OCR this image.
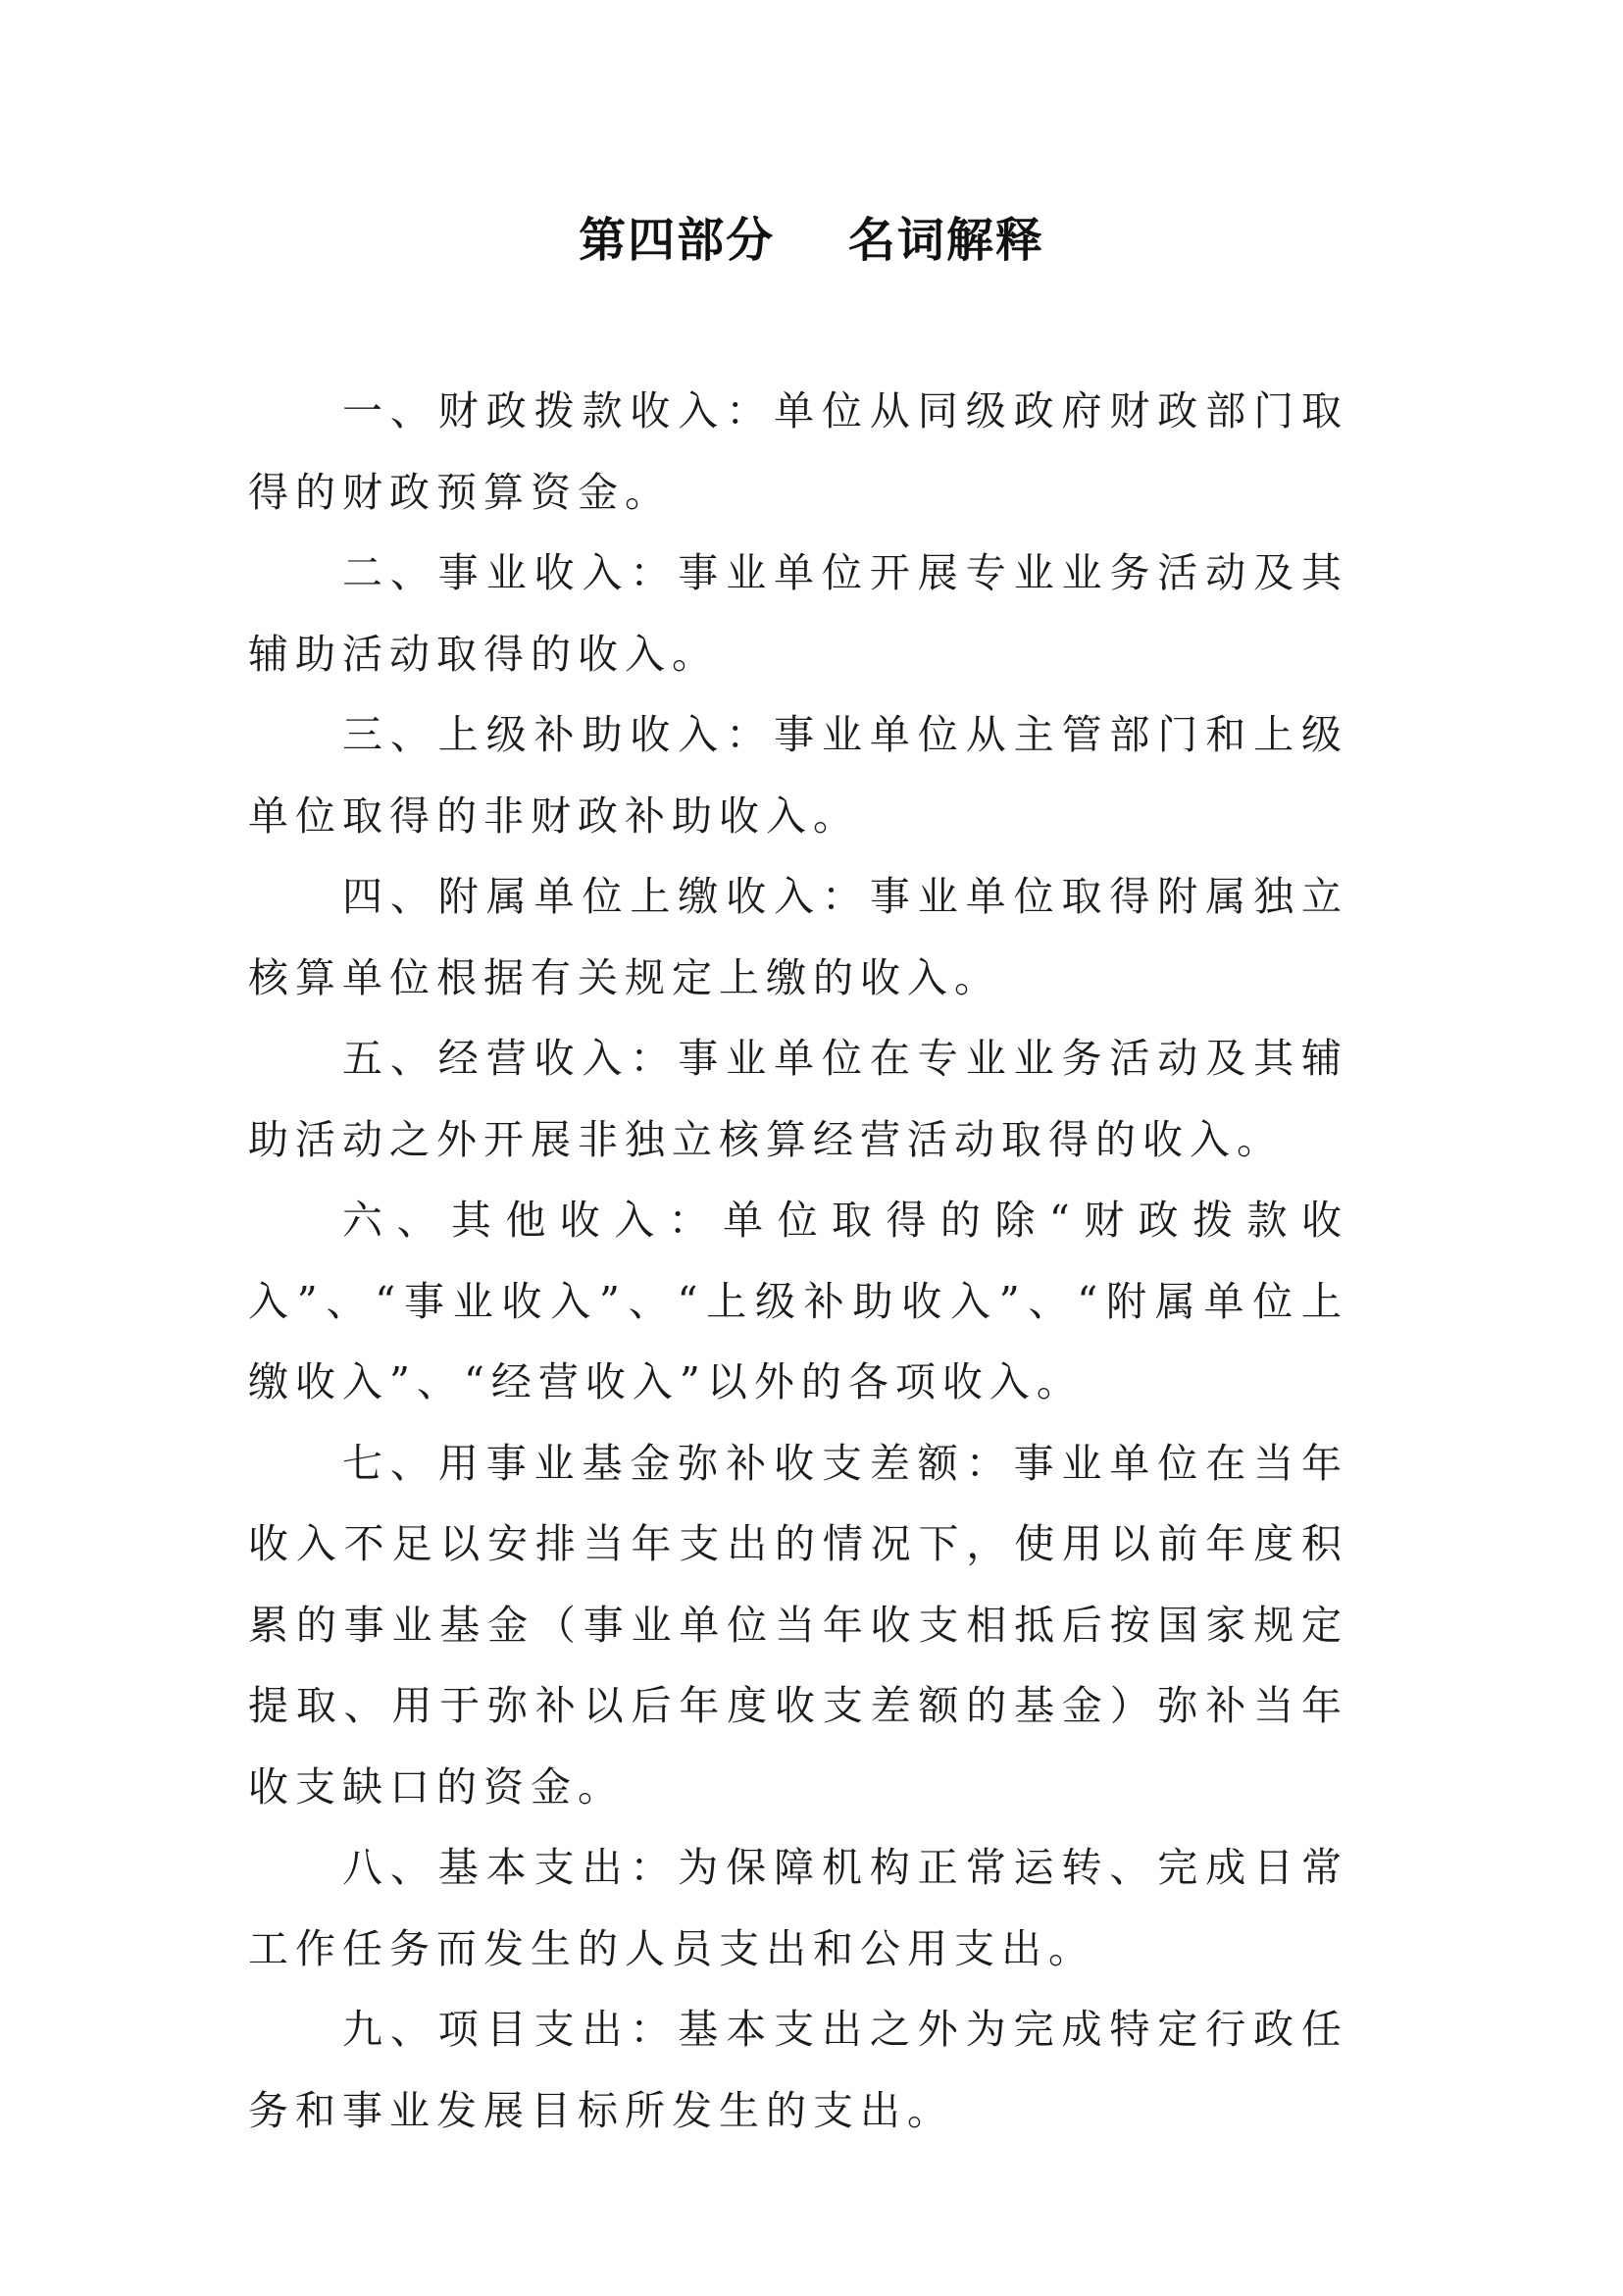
第四部分    名词解释

一、财政拨款收入：单位从同级政府财政部门取得的财政预算资金。

二、事业收入：事业单位开展专业业务活动及其辅助活动取得的收入。

三、上级补助收入：事业单位从主管部门和上级单位取得的非财政补助收入。

四、附属单位上缴收入：事业单位取得附属独立核算单位根据有关规定上缴的收入。

五、经营收入：事业单位在专业业务活动及其辅助活动之外开展非独立核算经营活动取得的收入。

六、其他收入：单位取得的除“财政拨款收入”、“事业收入”、“上级补助收入”、“附属单位上缴收入”、“经营收入”以外的各项收入。

七、用事业基金弥补收支差额：事业单位在当年收入不足以安排当年支出的情况下，使用以前年度积累的事业基金（事业单位当年收支相抵后按国家规定提取、用于弥补以后年度收支差额的基金）弥补当年收支缺口的资金。

八、基本支出：为保障机构正常运转、完成日常工作任务而发生的人员支出和公用支出。

九、项目支出：基本支出之外为完成特定行政任务和事业发展目标所发生的支出。
